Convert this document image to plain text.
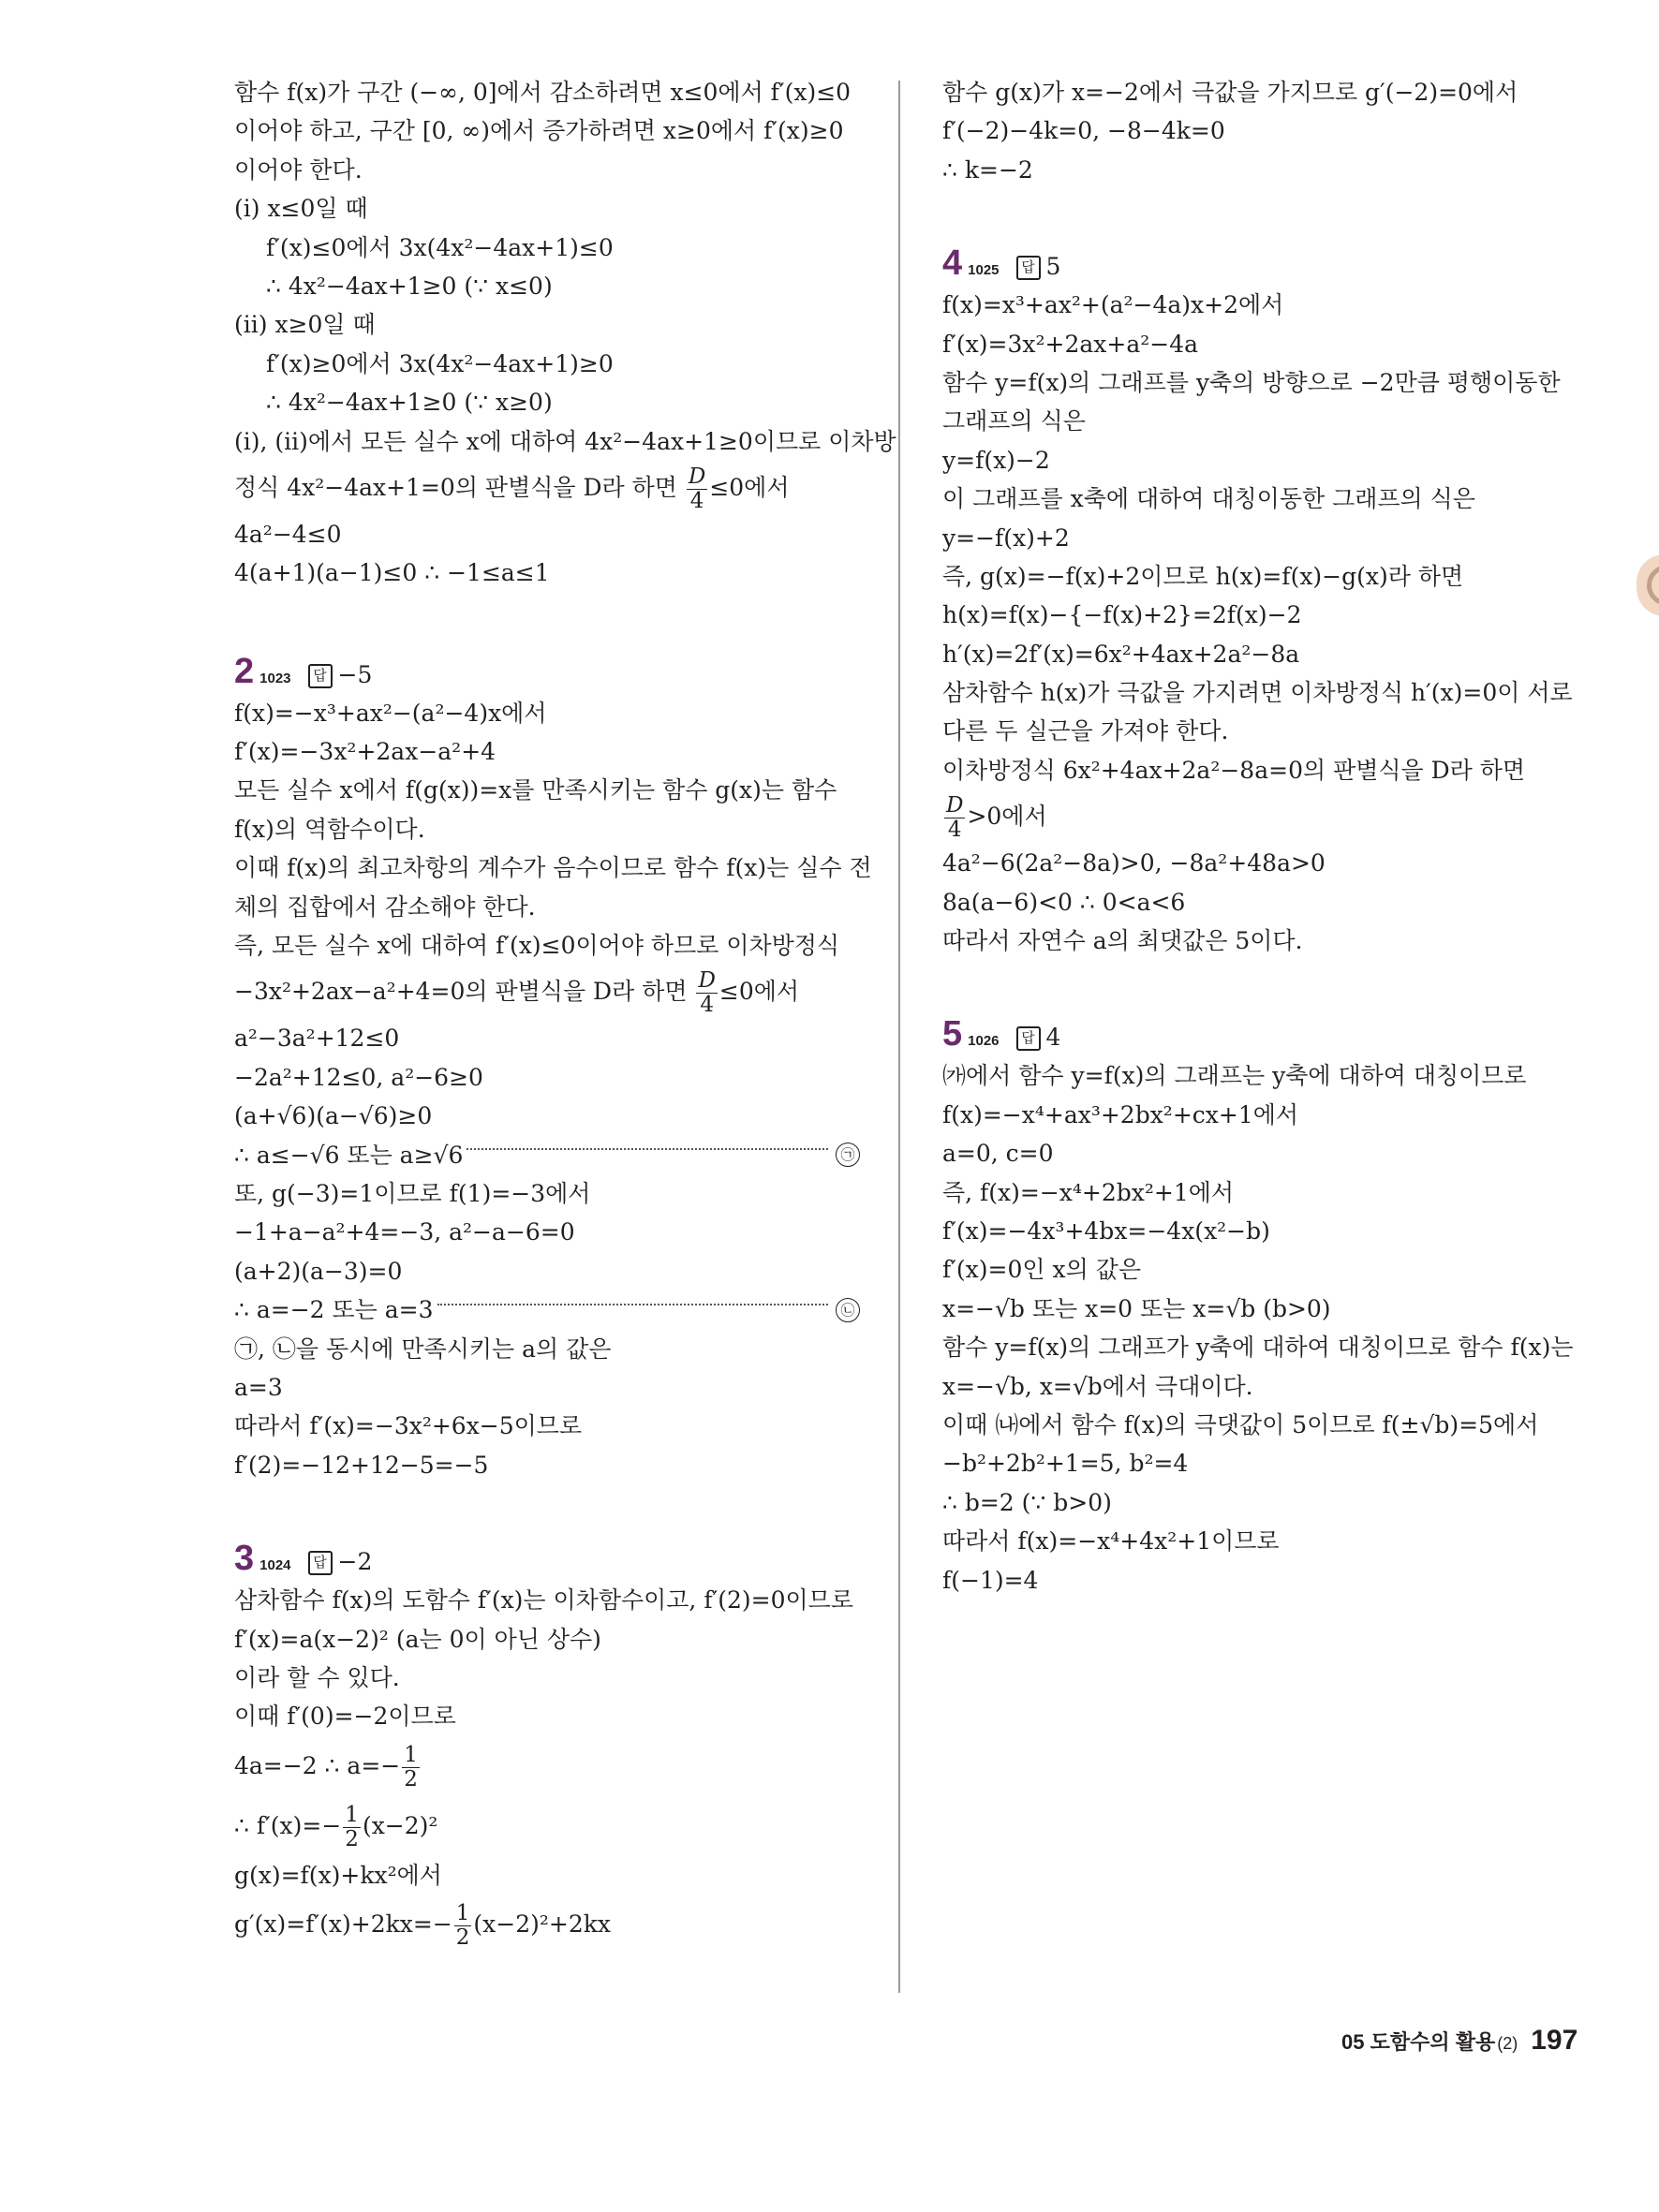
함수 f(x)가 구간 (−∞, 0]에서 감소하려면 x≤0에서 f′(x)≤0
이어야 하고, 구간 [0, ∞)에서 증가하려면 x≥0에서 f′(x)≥0
이어야 한다.
(ⅰ) x≤0일 때
f′(x)≤0에서 3x(4x²−4ax+1)≤0
∴ 4x²−4ax+1≥0 (∵ x≤0)
(ⅱ) x≥0일 때
f′(x)≥0에서 3x(4x²−4ax+1)≥0
∴ 4x²−4ax+1≥0 (∵ x≥0)
(ⅰ), (ⅱ)에서 모든 실수 x에 대하여 4x²−4ax+1≥0이므로 이차방
정식 4x²−4ax+1=0의 판별식을 D라 하면 $\frac{D}{4} \le 0$에서
4a²−4≤0
4(a+1)(a−1)≤0 ∴ −1≤a≤1
2 1023 답 −5
f(x)=−x³+ax²−(a²−4)x에서
f′(x)=−3x²+2ax−a²+4
모든 실수 x에서 f(g(x))=x를 만족시키는 함수 g(x)는 함수
f(x)의 역함수이다.
이때 f(x)의 최고차항의 계수가 음수이므로 함수 f(x)는 실수 전
체의 집합에서 감소해야 한다.
즉, 모든 실수 x에 대하여 f′(x)≤0이어야 하므로 이차방정식
−3x²+2ax−a²+4=0의 판별식을 D라 하면 $\frac{D}{4} \le 0$에서
a²−3a²+12≤0
−2a²+12≤0, a²−6≥0
(a+√6)(a−√6)≥0
∴ a≤−√6 또는 a≥√6	㉠
또, g(−3)=1이므로 f(1)=−3에서
−1+a−a²+4=−3, a²−a−6=0
(a+2)(a−3)=0
∴ a=−2 또는 a=3	㉡
㉠, ㉡을 동시에 만족시키는 a의 값은
a=3
따라서 f′(x)=−3x²+6x−5이므로
f′(2)=−12+12−5=−5
3 1024 답 −2
삼차함수 f(x)의 도함수 f′(x)는 이차함수이고, f′(2)=0이므로
f′(x)=a(x−2)² (a는 0이 아닌 상수)
이라 할 수 있다.
이때 f′(0)=−2이므로
4a=−2 ∴ $a=- \frac{1}{2}$
∴ $f'(x)=- \frac{1}{2} (x-2)^2$
g(x)=f(x)+kx²에서
$g'(x)=f'(x)+2kx=- \frac{1}{2} (x-2)^2+2kx$
함수 g(x)가 x=−2에서 극값을 가지므로 g′(−2)=0에서
f′(−2)−4k=0, −8−4k=0
∴ k=−2
4 1025 답 5
f(x)=x³+ax²+(a²−4a)x+2에서
f′(x)=3x²+2ax+a²−4a
함수 y=f(x)의 그래프를 y축의 방향으로 −2만큼 평행이동한
그래프의 식은
y=f(x)−2
이 그래프를 x축에 대하여 대칭이동한 그래프의 식은
y=−f(x)+2
즉, g(x)=−f(x)+2이므로 h(x)=f(x)−g(x)라 하면
h(x)=f(x)−{−f(x)+2}=2f(x)−2
h′(x)=2f′(x)=6x²+4ax+2a²−8a
삼차함수 h(x)가 극값을 가지려면 이차방정식 h′(x)=0이 서로
다른 두 실근을 가져야 한다.
이차방정식 6x²+4ax+2a²−8a=0의 판별식을 D라 하면
$\frac{D}{4} >0$에서
4a²−6(2a²−8a)>0, −8a²+48a>0
8a(a−6)<0 ∴ 0<a<6
따라서 자연수 a의 최댓값은 5이다.
5 1026 답 4
㈎에서 함수 y=f(x)의 그래프는 y축에 대하여 대칭이므로
f(x)=−x⁴+ax³+2bx²+cx+1에서
a=0, c=0
즉, f(x)=−x⁴+2bx²+1에서
f′(x)=−4x³+4bx=−4x(x²−b)
f′(x)=0인 x의 값은
x=−√b 또는 x=0 또는 x=√b (b>0)
함수 y=f(x)의 그래프가 y축에 대하여 대칭이므로 함수 f(x)는
x=−√b, x=√b에서 극대이다.
이때 ㈏에서 함수 f(x)의 극댓값이 5이므로 f(±√b)=5에서
−b²+2b²+1=5, b²=4
∴ b=2 (∵ b>0)
따라서 f(x)=−x⁴+4x²+1이므로
f(−1)=4
05 도함수의 활용 (2) 197
